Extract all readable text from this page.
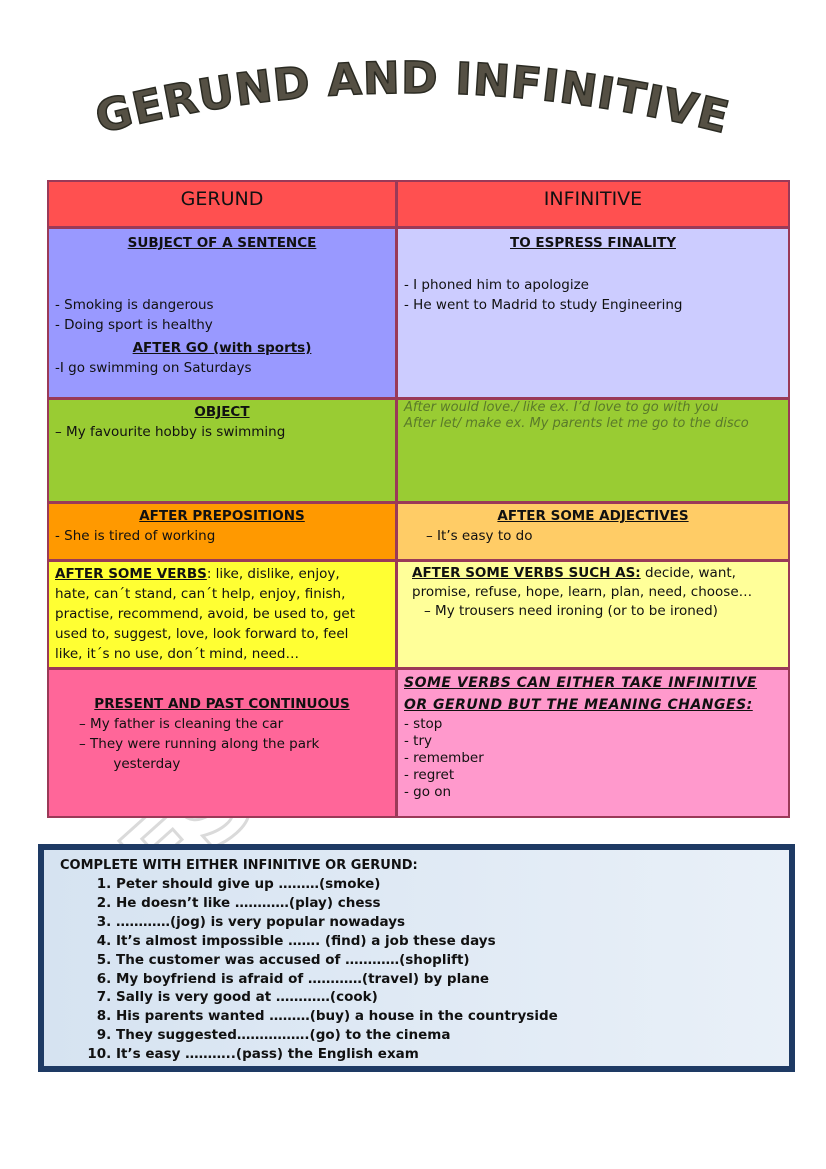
GERUND AND INFINITIVE
GERUND	INFINITIVE
SUBJECT OF A SENTENCE
- Smoking is dangerous
- Doing sport is healthy
AFTER GO (with sports)
-I go swimming on Saturdays
TO ESPRESS FINALITY
- I phoned him to apologize
- He went to Madrid to study Engineering
OBJECT
– My favourite hobby is swimming
After would love./ like ex. I’d love to go with you
After let/ make ex. My parents let me go to the disco
AFTER PREPOSITIONS
- She is tired of working
AFTER SOME ADJECTIVES
– It’s easy to do
AFTER SOME VERBS: like, dislike, enjoy,
hate, can´t stand, can´t help, enjoy, finish,
practise, recommend, avoid, be used to, get
used to, suggest, love, look forward to, feel
like, it´s no use, don´t mind, need…
AFTER SOME VERBS SUCH AS: decide, want,
promise, refuse, hope, learn, plan, need, choose…
– My trousers need ironing (or to be ironed)
PRESENT AND PAST CONTINUOUS
– My father is cleaning the car
– They were running along the park
yesterday
SOME VERBS CAN EITHER TAKE INFINITIVE
OR GERUND BUT THE MEANING CHANGES:
- stop
- try
- remember
- regret
- go on
COMPLETE WITH EITHER INFINITIVE OR GERUND:
1. Peter should give up ………(smoke)
2. He doesn’t like …………(play) chess
3. …………(jog) is very popular nowadays
4. It’s almost impossible ……. (find) a job these days
5. The customer was accused of …………(shoplift)
6. My boyfriend is afraid of …………(travel) by plane
7. Sally is very good at …………(cook)
8. His parents wanted ………(buy) a house in the countryside
9. They suggested…………….(go) to the cinema
10. It’s easy ………..(pass) the English exam
